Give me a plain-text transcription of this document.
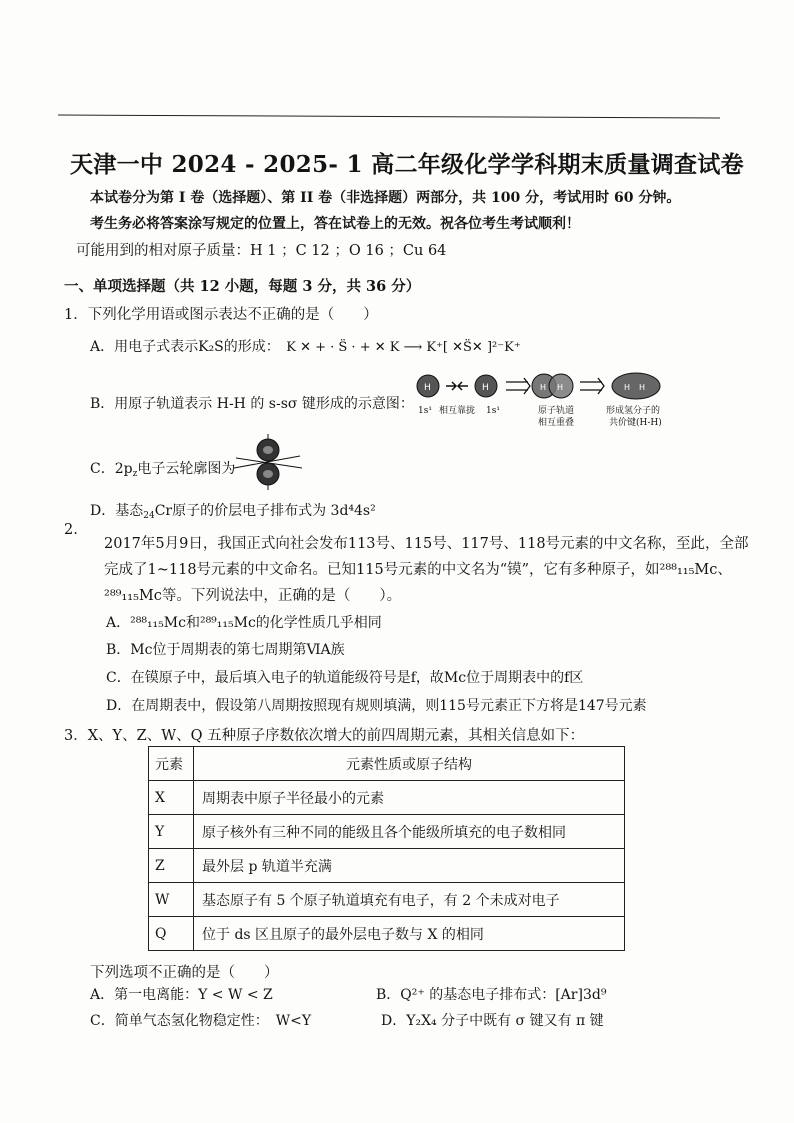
天津一中 2024 - 2025- 1 高二年级化学学科期末质量调查试卷
本试卷分为第 I 卷（选择题）、第 II 卷（非选择题）两部分，共 100 分，考试用时 60 分钟。
考生务必将答案涂写规定的位置上，答在试卷上的无效。祝各位考生考试顺利！
可能用到的相对原子质量：H 1 ；C 12 ；O 16 ；Cu 64
一、单项选择题（共 12 小题，每题 3 分，共 36 分）
1．下列化学用语或图示表达不正确的是（　　）
A．用电子式表示K₂S的形成： K ✕ + · S̈ · + ✕ K ⟶ K⁺[ ✕S̈✕ ]²⁻K⁺
B．用原子轨道表示 H-H 的 s-sσ 键形成的示意图：
H	H	H H	H H
1s¹ 相互靠拢 1s¹	原子轨道
相互重叠
形成氢分子的
共价键(H-H)
C．$2p_z$电子云轮廓图为
D．基态$_{24}$Cr原子的价层电子排布式为 3d⁴4s²
2.
2017年5月9日，我国正式向社会发布113号、115号、117号、118号元素的中文名称，至此，全部
完成了1~118号元素的中文命名。已知115号元素的中文名为“镆”，它有多种原子，如²⁸⁸₁₁₅Mc、
²⁸⁹₁₁₅Mc等。下列说法中，正确的是（　　）。
A．²⁸⁸₁₁₅Mc和²⁸⁹₁₁₅Mc的化学性质几乎相同
B．Mc位于周期表的第七周期第ⅥA族
C．在镆原子中，最后填入电子的轨道能级符号是f，故Mc位于周期表中的f区
D．在周期表中，假设第八周期按照现有规则填满，则115号元素正下方将是147号元素
3．X、Y、Z、W、Q 五种原子序数依次增大的前四周期元素，其相关信息如下：
元素	元素性质或原子结构
X	周期表中原子半径最小的元素
Y	原子核外有三种不同的能级且各个能级所填充的电子数相同
Z	最外层 p 轨道半充满
W	基态原子有 5 个原子轨道填充有电子，有 2 个未成对电子
Q	位于 ds 区且原子的最外层电子数与 X 的相同
下列选项不正确的是（　　）
A．第一电离能：Y < W < Z	B．Q²⁺ 的基态电子排布式：[Ar]3d⁹
C．简单气态氢化物稳定性：　W<Y	D．Y₂X₄ 分子中既有 σ 键又有 π 键
